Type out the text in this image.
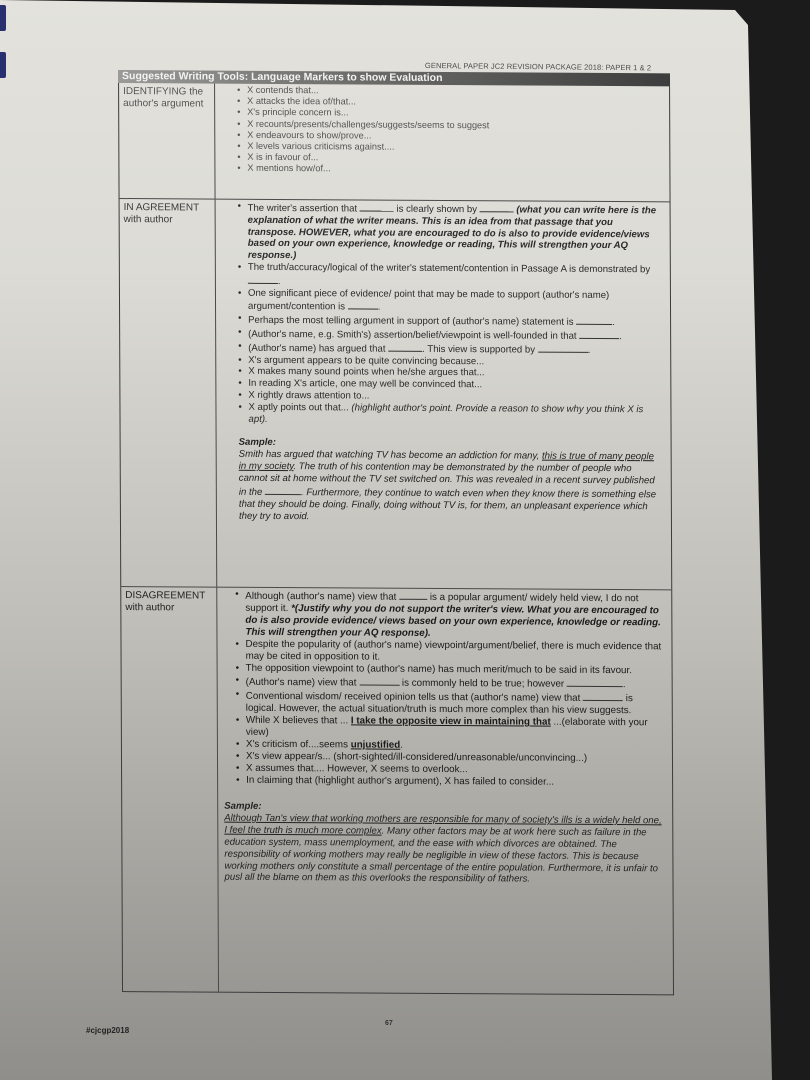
GENERAL PAPER JC2 REVISION PACKAGE 2018: PAPER 1 & 2
Suggested Writing Tools: Language Markers to show Evaluation
IDENTIFYING the
author's argument
• X contends that...
• X attacks the idea of/that...
• X's principle concern is...
• X recounts/presents/challenges/suggests/seems to suggest
• X endeavours to show/prove...
• X levels various criticisms against....
• X is in favour of...
• X mentions how/of...
IN AGREEMENT
with author
• The writer's assertion that	is clearly shown by	(what you can write here is the explanation of what the writer means. This is an idea from that passage that you transpose. HOWEVER, what you are encouraged to do is also to provide evidence/views based on your own experience, knowledge or reading, This will strengthen your AQ response.)
• The truth/accuracy/logical of the writer's statement/contention in Passage A is demonstrated by .
• One significant piece of evidence/ point that may be made to support (author's name) argument/contention is	.
• Perhaps the most telling argument in support of (author's name) statement is	.
• (Author's name, e.g. Smith's) assertion/belief/viewpoint is well-founded in that	.
• (Author's name) has argued that	. This view is supported by	.
• X's argument appears to be quite convincing because...
• X makes many sound points when he/she argues that...
• In reading X's article, one may well be convinced that...
• X rightly draws attention to...
• X aptly points out that... (highlight author's point. Provide a reason to show why you think X is apt).
Sample:
Smith has argued that watching TV has become an addiction for many, this is true of many people in my society. The truth of his contention may be demonstrated by the number of people who cannot sit at home without the TV set switched on. This was revealed in a recent survey published in the	. Furthermore, they continue to watch even when they know there is something else that they should be doing. Finally, doing without TV is, for them, an unpleasant experience which they try to avoid.
DISAGREEMENT
with author
• Although (author's name) view that	is a popular argument/ widely held view, I do not support it. *(Justify why you do not support the writer's view. What you are encouraged to do is also provide evidence/ views based on your own experience, knowledge or reading. This will strengthen your AQ response).
• Despite the popularity of (author's name) viewpoint/argument/belief, there is much evidence that may be cited in opposition to it.
• The opposition viewpoint to (author's name) has much merit/much to be said in its favour.
• (Author's name) view that	is commonly held to be true; however	.
• Conventional wisdom/ received opinion tells us that (author's name) view that	is logical. However, the actual situation/truth is much more complex than his view suggests.
• While X believes that ... I take the opposite view in maintaining that ...(elaborate with your view)
• X's criticism of....seems unjustified.
• X's view appear/s... (short-sighted/ill-considered/unreasonable/unconvincing...)
• X assumes that.... However, X seems to overlook...
• In claiming that (highlight author's argument), X has failed to consider...
Sample:
Although Tan's view that working mothers are responsible for many of society's ills is a widely held one, I feel the truth is much more complex. Many other factors may be at work here such as failure in the education system, mass unemployment, and the ease with which divorces are obtained. The responsibility of working mothers may really be negligible in view of these factors. This is because working mothers only constitute a small percentage of the entire population. Furthermore, it is unfair to pusl all the blame on them as this overlooks the responsibility of fathers.
67
#cjcgp2018
